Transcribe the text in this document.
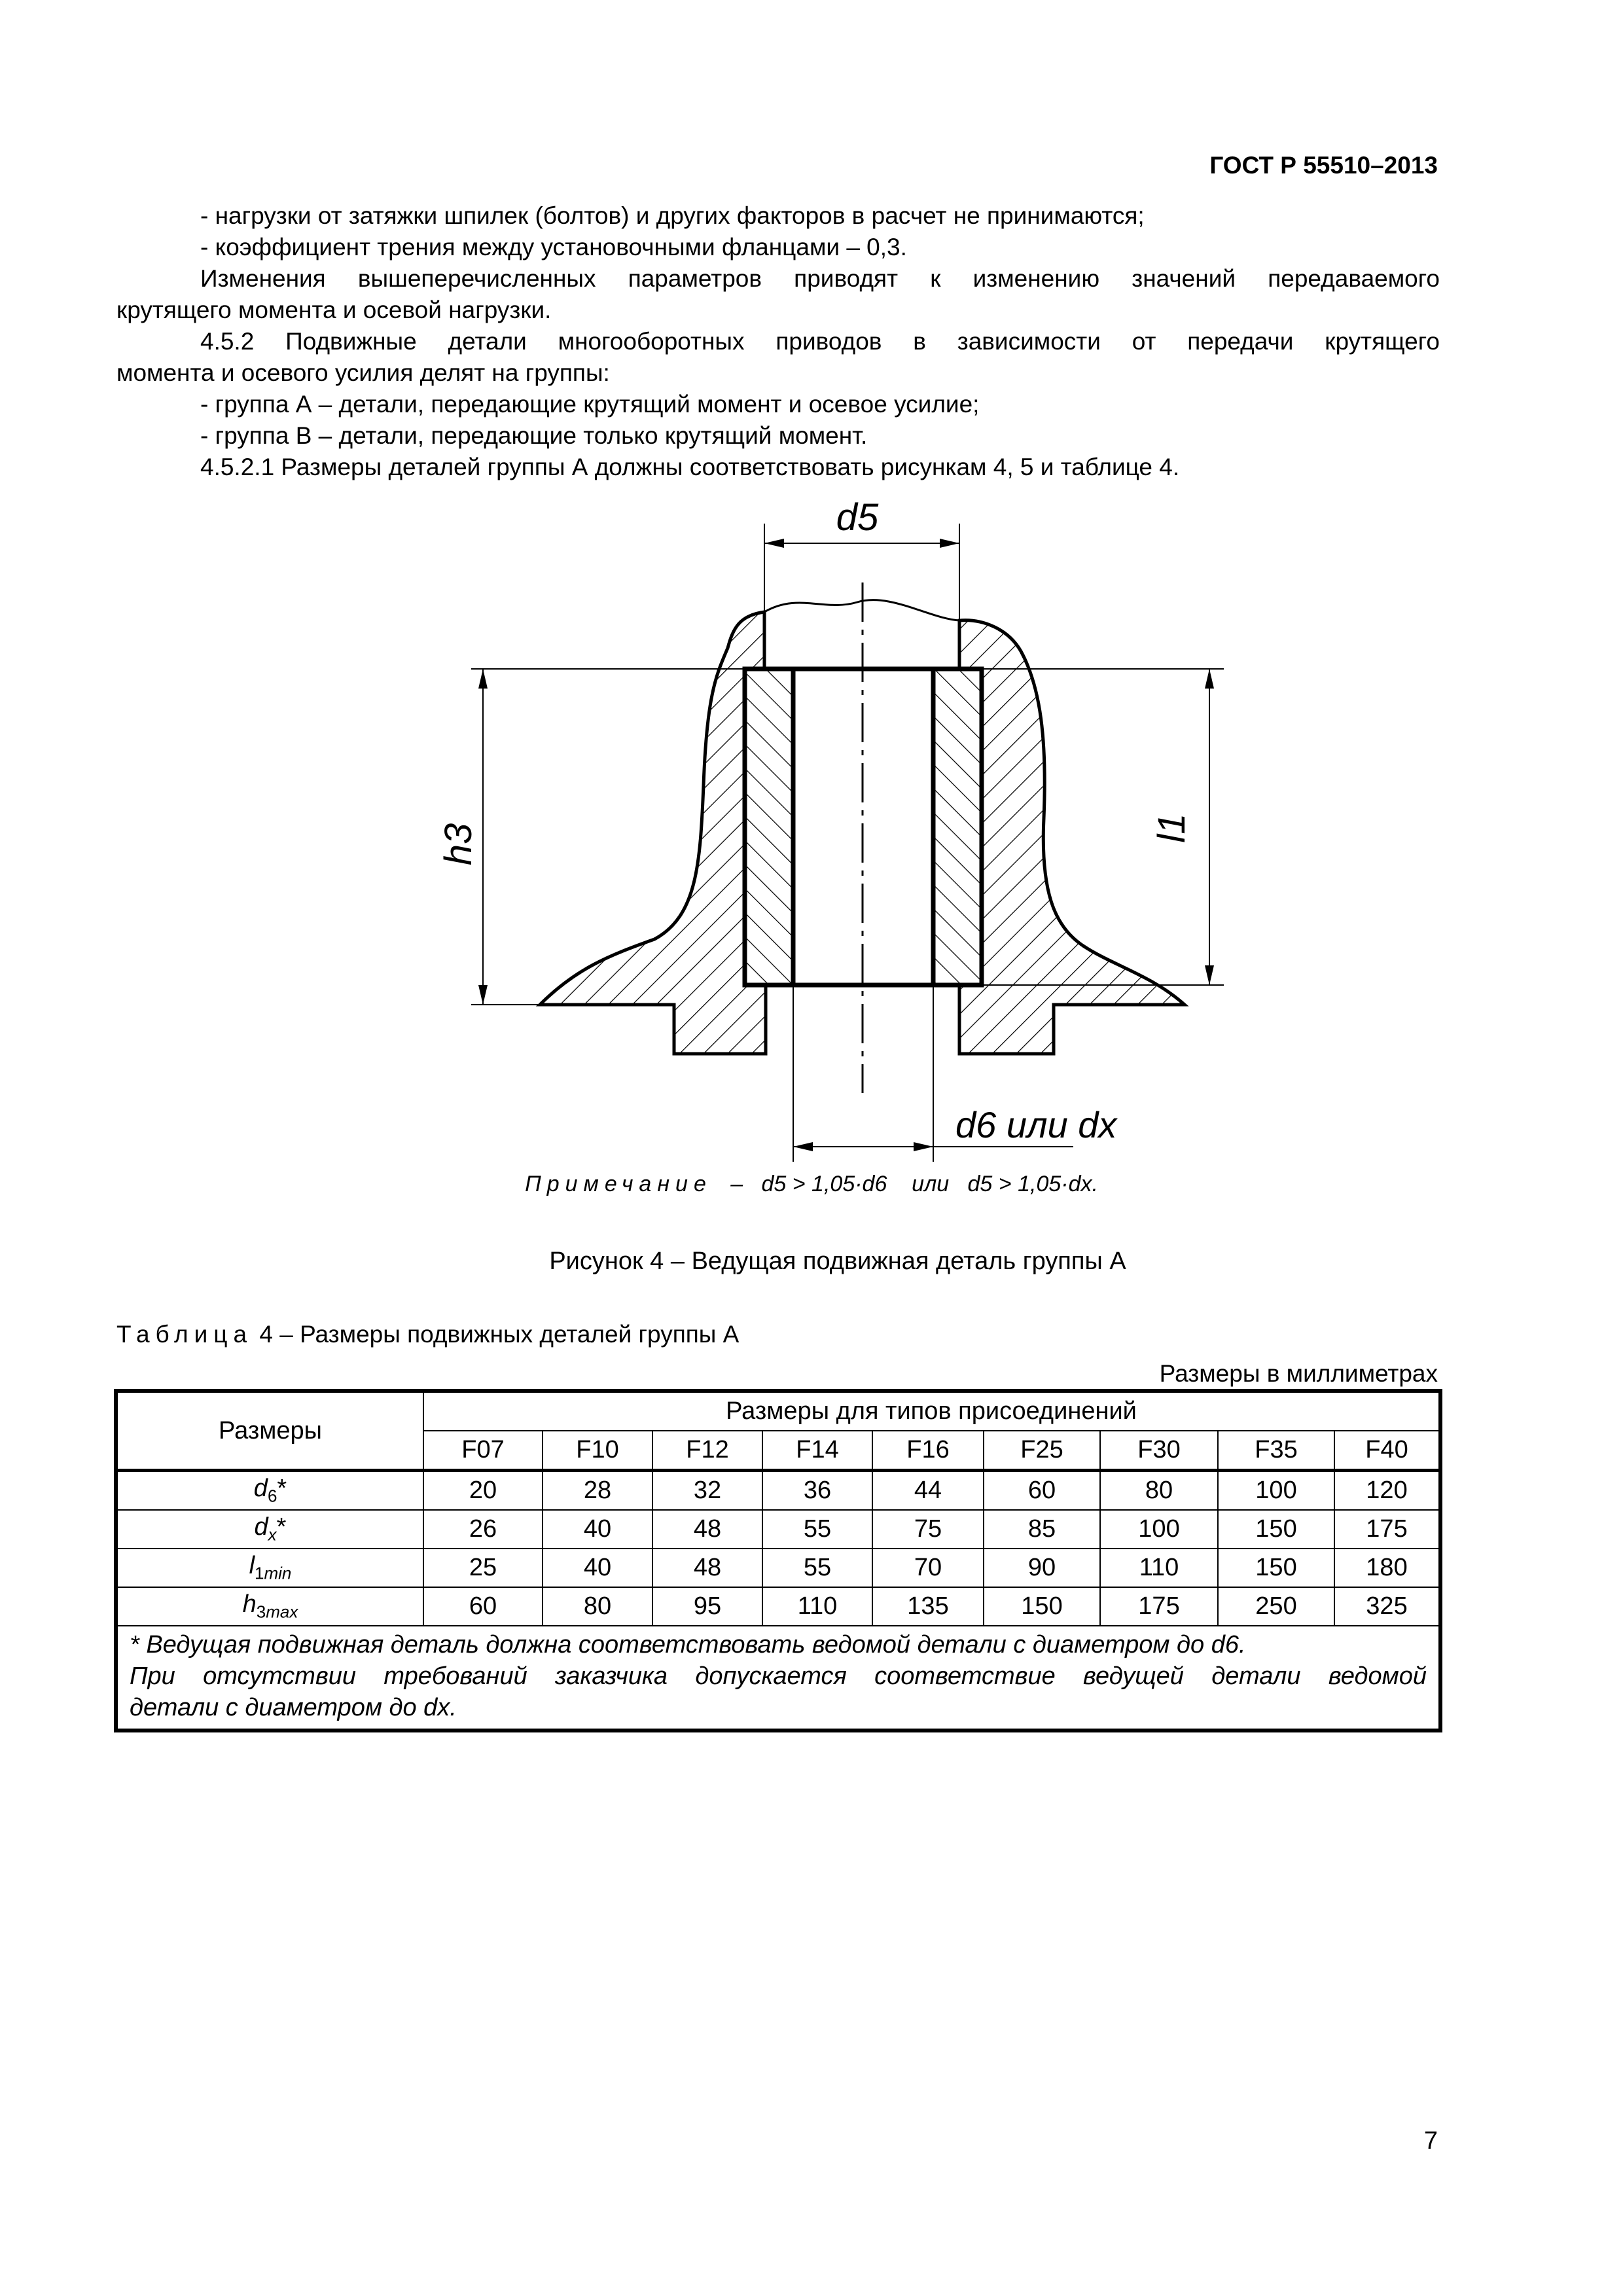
ГОСТ Р 55510–2013

- нагрузки от затяжки шпилек (болтов) и других факторов в расчет не принимаются;

- коэффициент трения между установочными фланцами – 0,3.

Изменения вышеперечисленных параметров приводят к изменению значений передаваемого

крутящего момента и осевой нагрузки.

4.5.2 Подвижные детали многооборотных приводов в зависимости от передачи крутящего

момента и осевого усилия делят на группы:

- группа А – детали, передающие крутящий момент и осевое усилие;

- группа В – детали, передающие только крутящий момент.

4.5.2.1 Размеры деталей группы А должны соответствовать рисункам 4, 5 и таблице 4.

d5
h3	l1
d6 или dx
Примечание – d5 > 1,05·d6 или d5 > 1,05·dx.
Рисунок 4 – Ведущая подвижная деталь группы А
Таблица 4 – Размеры подвижных деталей группы А
Размеры в миллиметрах
Размеры	Размеры для типов присоединений								
	F07	F10	F12	F14	F16	F25	F30	F35	F40
$d_6*$	20	28	32	36	44	60	80	100	120
$d_x*$	26	40	48	55	75	85	100	150	175
$l_{1min}$	25	40	48	55	70	90	110	150	180
$h_{3max}$	60	80	95	110	135	150	175	250	325

* Ведущая подвижная деталь должна соответствовать ведомой детали с диаметром до d6.
При отсутствии требований заказчика допускается соответствие ведущей детали ведомой
детали с диаметром до dx.									
7
